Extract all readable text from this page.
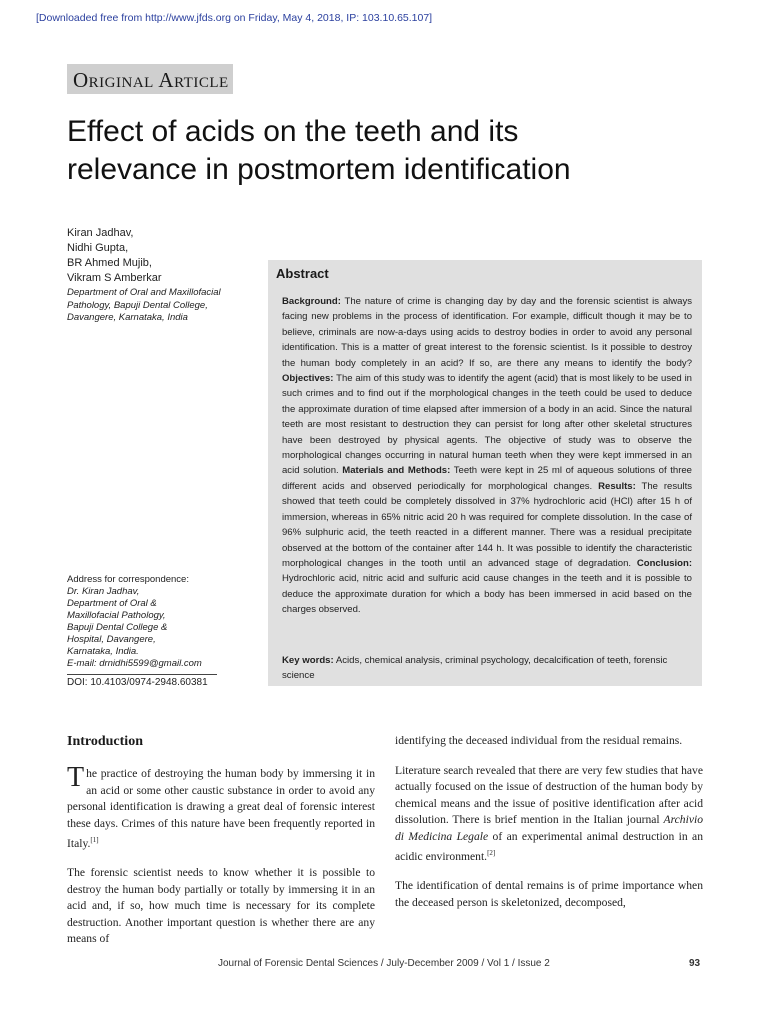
[Downloaded free from http://www.jfds.org on Friday, May 4, 2018, IP: 103.10.65.107]
Original Article
Effect of acids on the teeth and its
relevance in postmortem identification
Kiran Jadhav,
Nidhi Gupta,
BR Ahmed Mujib,
Vikram S Amberkar
Department of Oral and Maxillofacial Pathology, Bapuji Dental College, Davangere, Karnataka, India
Abstract
Background: The nature of crime is changing day by day and the forensic scientist is always facing new problems in the process of identification. For example, difficult though it may be to believe, criminals are now-a-days using acids to destroy bodies in order to avoid any personal identification. This is a matter of great interest to the forensic scientist. Is it possible to destroy the human body completely in an acid? If so, are there any means to identify the body? Objectives: The aim of this study was to identify the agent (acid) that is most likely to be used in such crimes and to find out if the morphological changes in the teeth could be used to deduce the approximate duration of time elapsed after immersion of a body in an acid. Since the natural teeth are most resistant to destruction they can persist for long after other skeletal structures have been destroyed by physical agents. The objective of study was to observe the morphological changes occurring in natural human teeth when they were kept immersed in an acid solution. Materials and Methods: Teeth were kept in 25 ml of aqueous solutions of three different acids and observed periodically for morphological changes. Results: The results showed that teeth could be completely dissolved in 37% hydrochloric acid (HCl) after 15 h of immersion, whereas in 65% nitric acid 20 h was required for complete dissolution. In the case of 96% sulphuric acid, the teeth reacted in a different manner. There was a residual precipitate observed at the bottom of the container after 144 h. It was possible to identify the characteristic morphological changes in the tooth until an advanced stage of degradation. Conclusion: Hydrochloric acid, nitric acid and sulfuric acid cause changes in the teeth and it is possible to deduce the approximate duration for which a body has been immersed in acid based on the charges observed.
Key words: Acids, chemical analysis, criminal psychology, decalcification of teeth, forensic science
Address for correspondence:
Dr. Kiran Jadhav,
Department of Oral &
Maxillofacial Pathology,
Bapuji Dental College &
Hospital, Davangere,
Karnataka, India.
E-mail: drnidhi5599@gmail.com
DOI: 10.4103/0974-2948.60381
Introduction

The practice of destroying the human body by immersing it in an acid or some other caustic substance in order to avoid any personal identification is drawing a great deal of forensic interest these days. Crimes of this nature have been frequently reported in Italy.[1]

The forensic scientist needs to know whether it is possible to destroy the human body partially or totally by immersing it in an acid and, if so, how much time is necessary for its complete destruction. Another important question is whether there are any means of

identifying the deceased individual from the residual remains.

Literature search revealed that there are very few studies that have actually focused on the issue of destruction of the human body by chemical means and the issue of positive identification after acid dissolution. There is brief mention in the Italian journal Archivio di Medicina Legale of an experimental animal destruction in an acidic environment.[2]

The identification of dental remains is of prime importance when the deceased person is skeletonized, decomposed,

Journal of Forensic Dental Sciences / July-December 2009 / Vol 1 / Issue 2	93
